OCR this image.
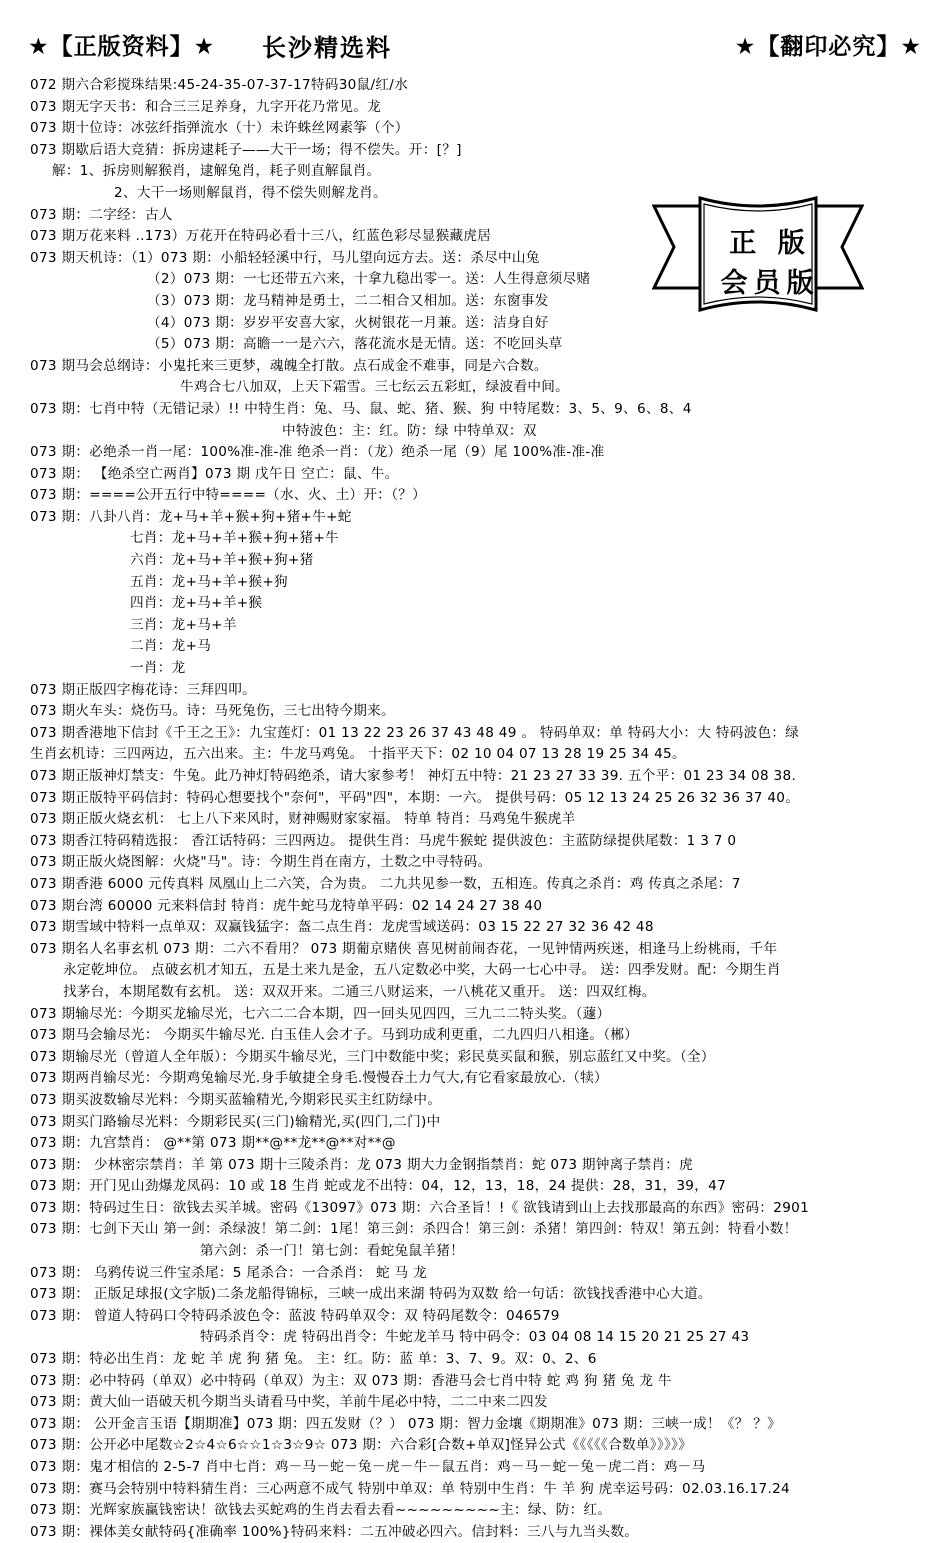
★【正版资料】★ 长沙精选料	★【翻印必究】★
072 期六合彩搅珠结果:45-24-35-07-37-17特码30鼠/红/水
073 期无字天书：和合三三足养身，九字开花乃常见。龙
073 期十位诗：冰弦纤指弹流水（十）未许蛛丝网素筝（个）
073 期歇后语大竞猜：拆房逮耗子——大干一场；得不偿失。开：[？]
解：1、拆房则解猴肖，逮解兔肖，耗子则直解鼠肖。
2、大干一场则解鼠肖，得不偿失则解龙肖。
073 期：二字经：古人
073 期万花来料 ..173）万花开在特码必看十三八，红蓝色彩尽显猴藏虎居
073 期天机诗：（1）073 期：小船轻轻溪中行，马儿望向远方去。送：杀尽中山兔
（2）073 期：一七还带五六来，十拿九稳出零一。送：人生得意须尽赌
（3）073 期：龙马精神是勇士，二二相合又相加。送：东窗事发
（4）073 期：岁岁平安喜大家，火树银花一月兼。送：洁身自好
（5）073 期：高瞻一一是六六，落花流水是无情。送：不吃回头草
073 期马会总纲诗：小鬼托来三更梦，魂魄全打散。点石成金不难事，同是六合数。
牛鸡合七八加双，上天下霜雪。三七纭云五彩虹，绿波看中间。
073 期：七肖中特（无错记录）!! 中特生肖：兔、马、鼠、蛇、猪、猴、狗 中特尾数：3、5、9、6、8、4
中特波色：主：红。防：绿 中特单双：双
073 期：必绝杀一肖一尾：100%准-准-准 绝杀一肖：（龙）绝杀一尾（9）尾 100%准-准-准
073 期： 【绝杀空亡两肖】073 期 戊午日 空亡：鼠、牛。
073 期：====公开五行中特====（水、火、土）开：（？）
073 期：八卦八肖：龙+马+羊+猴+狗+猪+牛+蛇
七肖：龙+马+羊+猴+狗+猪+牛
六肖：龙+马+羊+猴+狗+猪
五肖：龙+马+羊+猴+狗
四肖：龙+马+羊+猴
三肖：龙+马+羊
二肖：龙+马
一肖：龙
073 期正版四字梅花诗：三拜四叩。
073 期火车头：烧伤马。诗：马死兔伤，三七出特今期来。
073 期香港地下信封《千王之王》：九宝莲灯：01 13 22 23 26 37 43 48 49 。 特码单双：单 特码大小：大 特码波色：绿
生肖玄机诗：三四两边，五六出来。主：牛龙马鸡兔。 十指平天下：02 10 04 07 13 28 19 25 34 45。
073 期正版神灯禁支：牛兔。此乃神灯特码绝杀，请大家参考！ 神灯五中特：21 23 27 33 39. 五个平：01 23 34 08 38.
073 期正版特平码信封：特码心想要找个"奈何"，平码"四"，本期：一六。 提供号码：05 12 13 24 25 26 32 36 37 40。
073 期正版火烧玄机： 七上八下来风时，财神赐财家家福。 特单 特肖：马鸡兔牛猴虎羊
073 期香江特码精选报： 香江话特码：三四两边。 提供生肖：马虎牛猴蛇 提供波色：主蓝防绿提供尾数：1 3 7 0
073 期正版火烧图解：火烧"马"。诗：今期生肖在南方，土数之中寻特码。
073 期香港 6000 元传真料 凤凰山上二六笑，合为贵。 二九共见参一数，五相连。传真之杀肖：鸡 传真之杀尾：7
073 期台湾 60000 元来料信封 特肖：虎牛蛇马龙特单平码：02 14 24 27 38 40
073 期雪域中特料一点单双：双赢钱猛字：盔二点生肖：龙虎雪域送码：03 15 22 27 32 36 42 48
073 期名人名事玄机 073 期：二六不看用？ 073 期葡京赌侠 喜见树前闹杏花，一见钟情两疾迷，相逢马上纷桃雨，千年
永定乾坤位。 点破玄机才知五，五是土来九是金，五八定数必中奖，大码一七心中寻。 送：四季发财。配：今期生肖
找茅台，本期尾数有玄机。 送：双双开来。二通三八财运来，一八桃花又重开。 送：四双红梅。
073 期输尽光：今期买龙输尽光，七六二二合本期，四一回头见四四，三九二二特头奖。（蘧）
073 期马会输尽光： 今期买牛输尽光. 白玉佳人会才子。马到功成利更重，二九四归八相逢。（郴）
073 期输尽光（曾道人全年版）：今期买牛输尽光，三门中数能中奖；彩民莫买鼠和猴，别忘蓝红又中奖。（全）
073 期两肖输尽光：今期鸡兔输尽光.身手敏捷全身毛.慢慢吞土力气大,有它看家最放心.（犊）
073 期买波数输尽光料：今期买蓝输精光,今期彩民买主红防绿中。
073 期买门路输尽光料：今期彩民买(三门)输精光,买(四门,二门)中
073 期：九宫禁肖： @**第 073 期**@**龙**@**对**@
073 期： 少林密宗禁肖：羊 第 073 期十三陵杀肖：龙 073 期大力金钢指禁肖：蛇 073 期钟离子禁肖：虎
073 期：开门见山劲爆龙凤码：10 或 18 生肖 蛇或龙不出特：04，12，13，18，24 提供：28，31，39，47
073 期：特码过生日：欲钱去买羊城。密码《13097》073 期：六合圣旨！!《 欲钱请到山上去找那最高的东西》密码：2901
073 期：七剑下天山 第一剑：杀绿波！第二剑：1尾！第三剑：杀四合！第三剑：杀猪！第四剑：特双！第五剑：特看小数！
第六剑：杀一门！第七剑：看蛇兔鼠羊猪！
073 期： 乌鸦传说三件宝杀尾：5 尾杀合：一合杀肖： 蛇 马 龙
073 期： 正版足球报(文字版)二条龙船得锦标，三峡一成出来湖 特码为双数 给一句话：欲钱找香港中心大道。
073 期： 曾道人特码口令特码杀波色令：蓝波 特码单双令：双 特码尾数令：046579
特码杀肖令：虎 特码出肖令：牛蛇龙羊马 特中码令：03 04 08 14 15 20 21 25 27 43
073 期：特必出生肖：龙 蛇 羊 虎 狗 猪 兔。 主：红。防：蓝 单：3、7、9。双：0、2、6
073 期：必中特码（单双）必中特码（单双）为主：双 073 期：香港马会七肖中特 蛇 鸡 狗 猪 兔 龙 牛
073 期：黄大仙一语破天机今期当头请看马中奖，羊前牛尾必中特，二二中来二四发
073 期： 公开金言玉语【期期准】073 期：四五发财（？） 073 期：智力金壤《期期准》073 期：三峡一成！《？ ？》
073 期：公开必中尾数☆2☆4☆6☆☆1☆3☆9☆ 073 期：六合彩[合数+单双]怪异公式《《《《《合数单》》》》》
073 期：鬼才相信的 2-5-7 肖中七肖：鸡－马－蛇－兔－虎－牛－鼠五肖：鸡－马－蛇－兔－虎二肖：鸡－马
073 期：赛马会特别中特料猜生肖：三心两意不成气 特别中单双：单 特别中生肖：牛 羊 狗 虎幸运号码：02.03.16.17.24
073 期：光辉家族赢钱密诀！欲钱去买蛇鸡的生肖去看去看~~~~~~~~~主：绿、防：红。
073 期：裸体美女献特码{准确率 100%}特码来料：二五冲破必四六。信封料：三八与九当头数。
正 版
会员版
